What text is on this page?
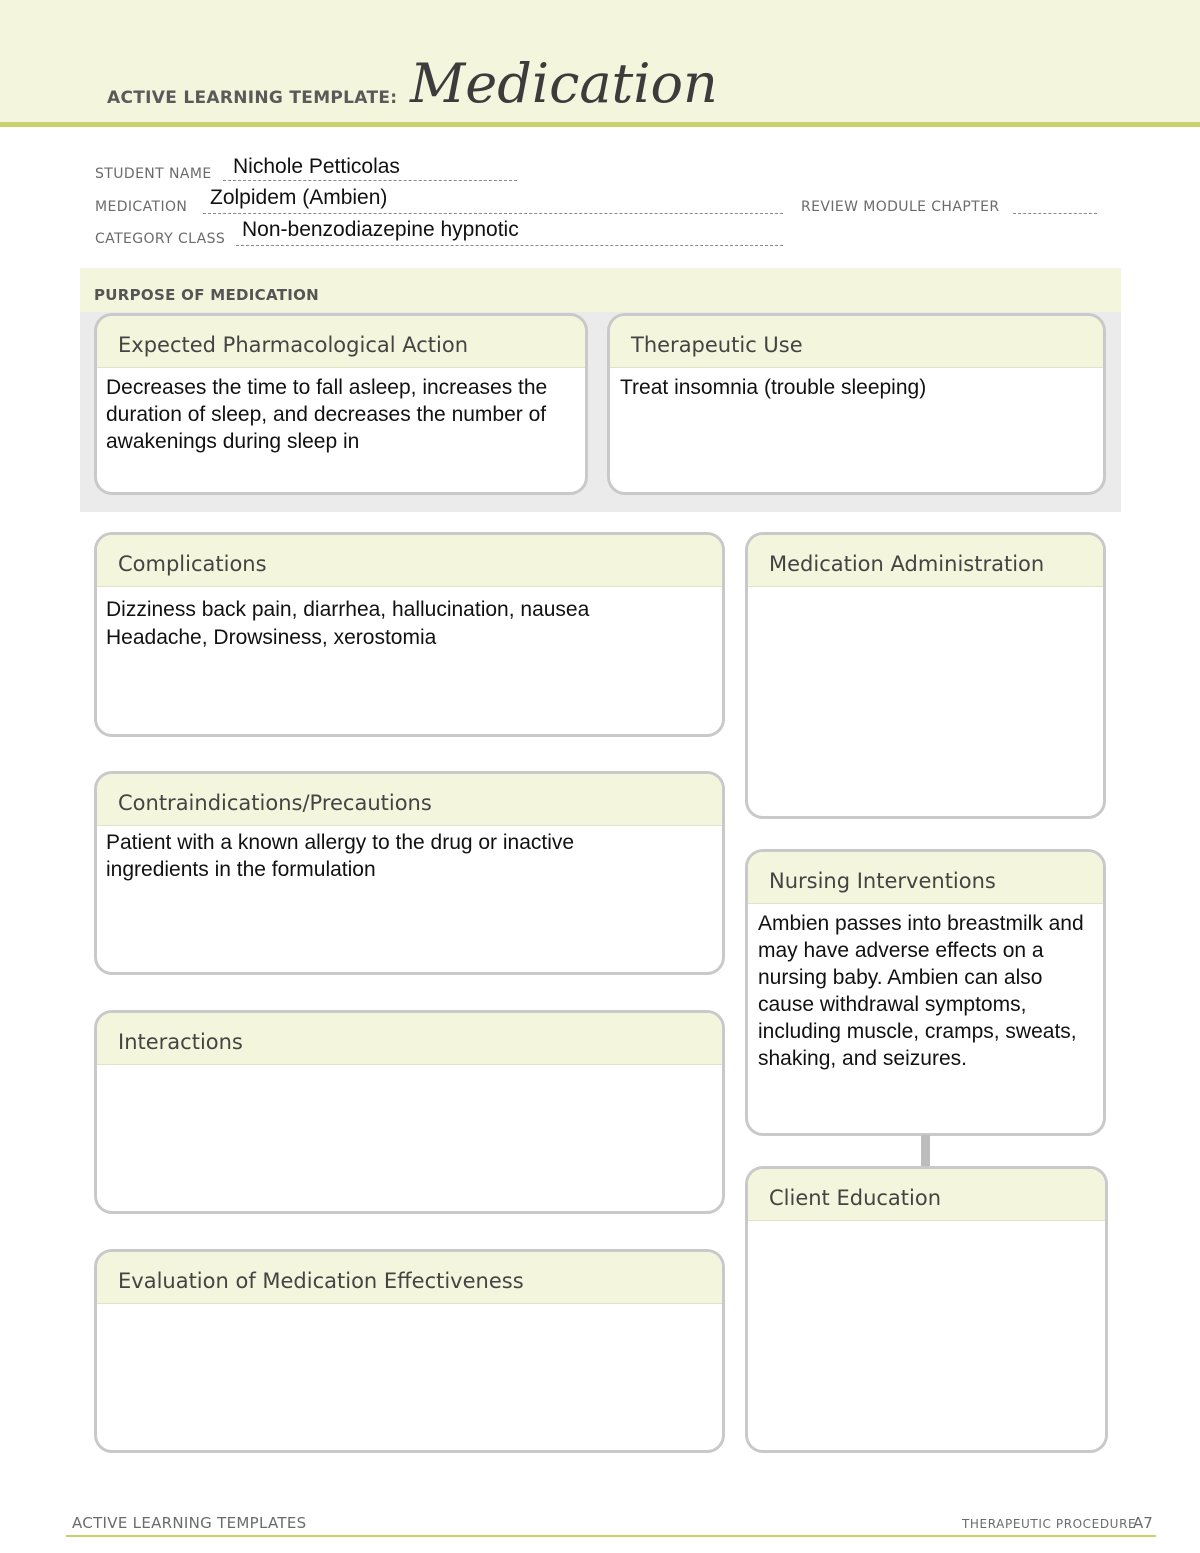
ACTIVE LEARNING TEMPLATE: Medication
STUDENT NAME Nichole Petticolas
MEDICATION Zolpidem (Ambien)	REVIEW MODULE CHAPTER
CATEGORY CLASS Non-benzodiazepine hypnotic
PURPOSE OF MEDICATION
Expected Pharmacological Action
Decreases the time to fall asleep, increases the duration of sleep, and decreases the number of awakenings during sleep in
Therapeutic Use
Treat insomnia (trouble sleeping)
Complications
Dizziness back pain, diarrhea, hallucination, nausea
Headache, Drowsiness, xerostomia
Contraindications/Precautions
Patient with a known allergy to the drug or inactive ingredients in the formulation
Interactions
Evaluation of Medication Effectiveness
Medication Administration
Nursing Interventions
Ambien passes into breastmilk and may have adverse effects on a nursing baby. Ambien can also cause withdrawal symptoms, including muscle, cramps, sweats, shaking, and seizures.
Client Education
ACTIVE LEARNING TEMPLATES	THERAPEUTIC PROCEDURE
A7
